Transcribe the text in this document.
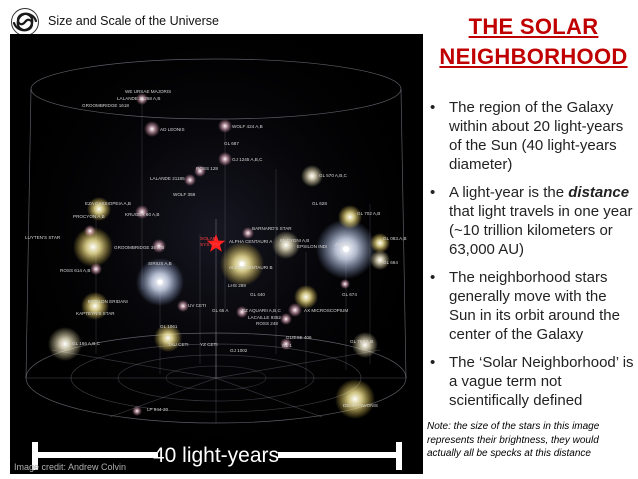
Size and Scale of the Universe
SOLAR
SYSTEM
WE URSAE MAJORIS
LALANDE 21258 A,B
GROOMBRIDGE 1618
AD LEONIS
WOLF 424 A,B
GL 687
ROSS 128
LALANDE 21185
GJ 1245 A,B,C
WOLF 359
GL 570 A,B,C
EZA CASSIOPEIA A,B
PROCYON A,B	KRUGER 60 A,B
GL 628
GL 702 A,B
LUYTEN'S STAR
BARNARD'S STAR
ALPHA CENTAURI A
GROOMBRIDGE 34 A,B	EPSILON INDI
61 CYGNI A,B
ALTAIR
GL 083.A,B
ROSS 614 A,B
SIRIUS A,B
ALPHA CENTAURI B
GL 664
LHS 288
GL 440	GL 674
EPSILON ERIDANI
UV CETI
GL 65 A	EZ AQUARII A,B,C	AX MICROSCOPIUM
KAPTEYN'S STAR
LACAILLE 9352
ROSS 248
GL 1061
GL 783 A,B
GL 166 A,B,C	TAU CETI YZ CETI
GJ 1002
GL 1
LP 944-20
DELTA PAVONIS
GLIESE 406
40 light-years
Image credit: Andrew Colvin
THE SOLAR
NEIGHBORHOOD
• The region of the Galaxy within about 20 light-years of the Sun (40 light-years diameter)
• A light-year is the distance that light travels in one year (~10 trillion kilometers or 63,000 AU)
• The neighborhood stars generally move with the Sun in its orbit around the center of the Galaxy
• The ‘Solar Neighborhood’ is a vague term not scientifically defined
Note: the size of the stars in this image represents their brightness, they would actually all be specks at this distance
